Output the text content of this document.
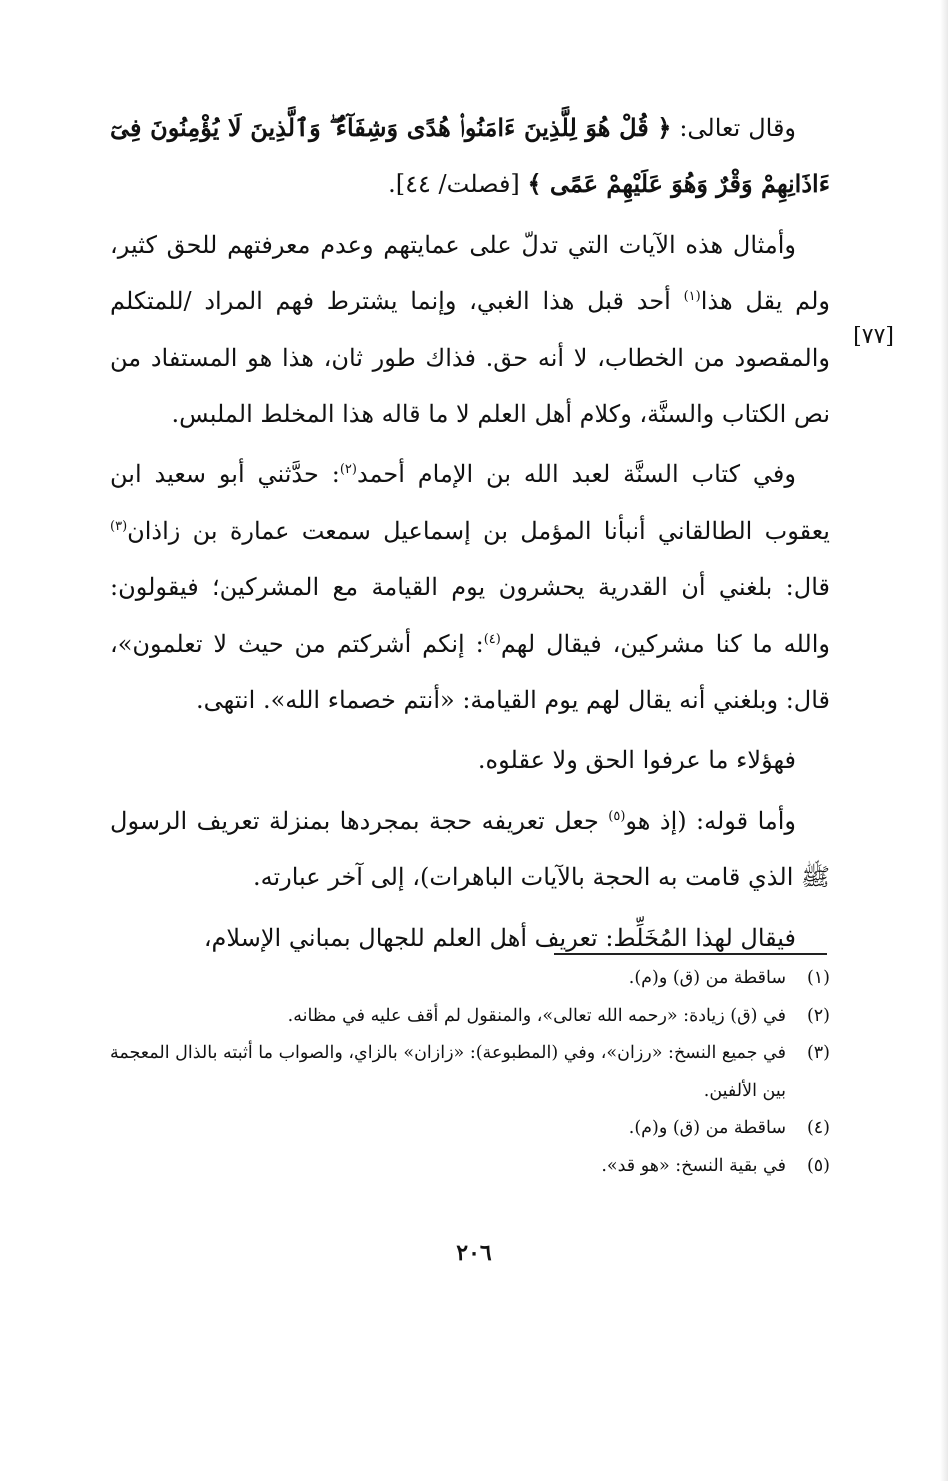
[٧٧]

وقال تعالى: ﴿ قُلْ هُوَ لِلَّذِينَ ءَامَنُوا۟ هُدًى وَشِفَآءٌ ۖ وَٱلَّذِينَ لَا يُؤْمِنُونَ فِىٓ ءَاذَانِهِمْ وَقْرٌ وَهُوَ عَلَيْهِمْ عَمًى ﴾ [فصلت/ ٤٤].

وأمثال هذه الآيات التي تدلّ على عمايتهم وعدم معرفتهم للحق كثير، ولم يقل هذا$^{(١)}$ أحد قبل هذا الغبي، وإنما يشترط فهم المراد /للمتكلم والمقصود من الخطاب، لا أنه حق. فذاك طور ثان، هذا هو المستفاد من نص الكتاب والسنَّة، وكلام أهل العلم لا ما قاله هذا المخلط الملبس.

وفي كتاب السنَّة لعبد الله بن الإمام أحمد$^{(٢)}$: حدَّثني أبو سعيد ابن يعقوب الطالقاني أنبأنا المؤمل بن إسماعيل سمعت عمارة بن زاذان$^{(٣)}$ قال: بلغني أن القدرية يحشرون يوم القيامة مع المشركين؛ فيقولون: والله ما كنا مشركين، فيقال لهم$^{(٤)}$: إنكم أشركتم من حيث لا تعلمون»، قال: وبلغني أنه يقال لهم يوم القيامة: «أنتم خصماء الله». انتهى.

فهؤلاء ما عرفوا الحق ولا عقلوه.

وأما قوله: (إذ هو$^{(٥)}$ جعل تعريفه حجة بمجردها بمنزلة تعريف الرسول ﷺ الذي قامت به الحجة بالآيات الباهرات)، إلى آخر عبارته.

فيقال لهذا المُخَلِّط: تعريف أهل العلم للجهال بمباني الإسلام،

(١)
ساقطة من (ق) و(م).
(٢)
في (ق) زيادة: «رحمه الله تعالى»، والمنقول لم أقف عليه في مظانه.
(٣)
في جميع النسخ: «رزان»، وفي (المطبوعة): «زازان» بالزاي، والصواب ما أثبته بالذال المعجمة بين الألفين.
(٤)
ساقطة من (ق) و(م).
(٥)
في بقية النسخ: «هو قد».
٢٠٦
